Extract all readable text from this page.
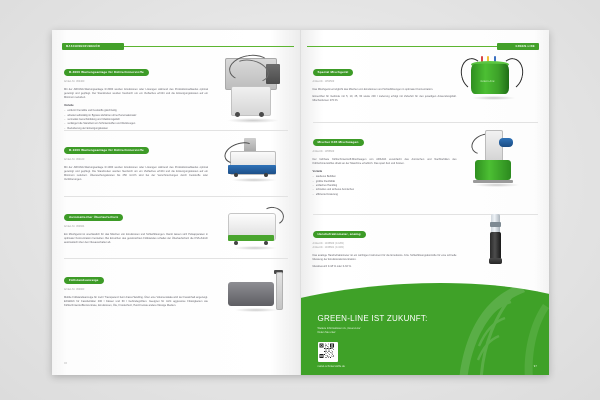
MASCHINENZUBEHÖR
R-3000 Wartungsanlage für Kühlschmierstoffe
Artikel-Nr. 364400

Mit der ARKAVA-Wartungsanlage R-3000 werden Emulsionen oder Lösungen während des Produktionsablaufes optimal gereinigt und gepflegt. Der Standzeiten werden hierdurch um ein Vielfaches erhöht und die Entsorgungskosten auf ein Minimum reduziert.

Vorteile
– entfernt Fremdöle und Feststoffe gleichzeitig
– arbeitet selbsttätig im Bypass-Verfahren ohne Personaleinsatz
– vermeidet Geruchsbildung und Infektionsgefahr
– verlängert die Standzeit von Schmierstoffen und Werkzeugen
– Reduzierung der Entsorgungskosten
R-1000 Wartungsanlage für Kühlschmierstoffe
Artikel-Nr. 364100

Mit der ARKAVA-Wartungsanlage R-1000 werden Emulsionen oder Lösungen während des Produktionsablaufes optimal gereinigt und gepflegt. Die Standzeiten werden hierdurch um ein Vielfaches erhöht und die Entsorgungskosten auf ein Minimum reduziert. Überwachungskosten bis 250 mm³/h sind bei der Verschmutzungen durch Feststoffe oder Verölzierungen.

Automatischer Überlaufschutz
Artikel-Nr. 364604

Ein Mischgerät ist unerlässlich für das Mischen von Emulsionen und Schleiflösungen. Damit lassen sich Pulsapparaten in optimaler Konzentration herstellen. Bei Erreichen des gewünschten Füllstandes schaltet der Überlaufschutz die KSS-Zufuhr automatisch über den Niveauschalter ab.

Füllstandsanzeige
Artikel-Nr. 364903

Mobile Füllstandsanzeige für mehr Transparenz beim Fass-Handling. Über eine Volumenskala wird der Fassinhalt angezeigt. Erhältlich für Fassbehälter 200 l Fässer und 60 l Gebindegrößen. Geeignet für nicht aggressive Flüssigkeiten wie Kühlschmierstoffkonzentrate, Emulsionen, Öle, Frostschutz, Heizöl sowie andere flüssige Medien.

96
GREEN-LINE
Special Mischgerät
Artikel-Nr. 1352500

Das Mischgerät ermöglicht das Mischen von Emulsionen und Schleiflösungen in optimaler Konzentration.

Einsetzbar für Gebinde mit 5, 10, 25, 60 sowie 200 l Lieferung erfolgt mit Zubehör für den jeweiligen Anwendungsfall. Mischvolumen 270 l/h.

Green-line
Mischer K35 Mischwagen
Artikel-Nr. 1355600

Der fahrbare Kühlschmierstoff-Mischwagen von ARKAVA vereinfacht das Anmischen und Nachbefüllen des Kühlschmierstoffes direkt an der Maschine erheblich. Das spart Zeit und Kosten.

Vorteile
– sauberes Befüllen
– größte Flexibilität
– einfaches Handling
– schnelles und sicheres Anmischen
– effiziente Dosierung
Handrefraktometer, analog
Artikel-Nr. 1345600 (0-18%)
Artikel-Nr. 1345601 (0-32%)

Das analoge Handrefraktometer ist ein wichtiges Instrument für die Emulsions- bzw. Schleiflösungskontrolle für eine schnelle Messung der Emulsionskonzentration.

Messbereich 0-18 % oder 0-32 %.

GREEN-LINE IST ZUKUNFT:
Weitere Informationen zu „Green-Line“
finden Sie unter:
rastel-schmierstoffe.de	97
